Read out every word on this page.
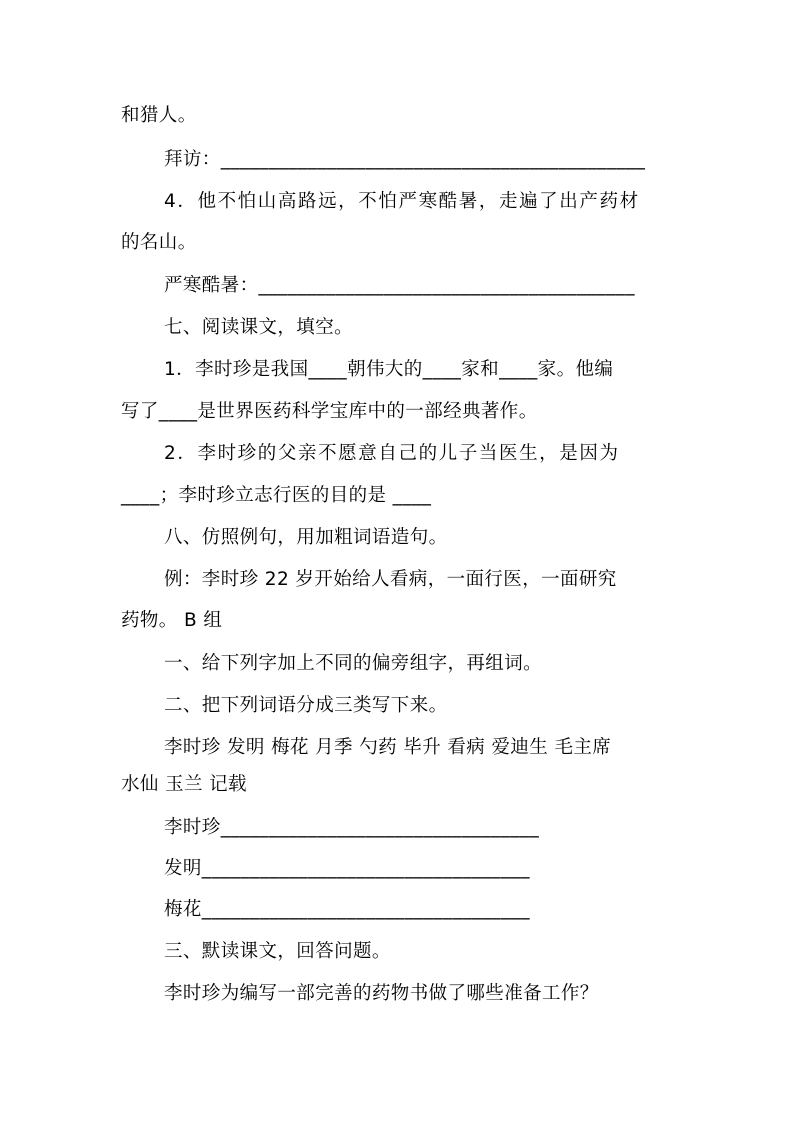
和猎人。
拜访：____________________________________________
4．他不怕山高路远，不怕严寒酷暑，走遍了出产药材
的名山。
严寒酷暑：_______________________________________
七、阅读课文，填空。
1．李时珍是我国____朝伟大的____家和____家。他编
写了____是世界医药科学宝库中的一部经典著作。
2．李时珍的父亲不愿意自己的儿子当医生，是因为
____；李时珍立志行医的目的是 ____
八、仿照例句，用加粗词语造句。
例：李时珍 22 岁开始给人看病，一面行医，一面研究
药物。 B 组
一、给下列字加上不同的偏旁组字，再组词。
二、把下列词语分成三类写下来。
李时珍 发明 梅花 月季 勺药 毕升 看病 爱迪生 毛主席
水仙 玉兰 记载
李时珍_________________________________
发明__________________________________
梅花__________________________________
三、默读课文，回答问题。
李时珍为编写一部完善的药物书做了哪些准备工作？
